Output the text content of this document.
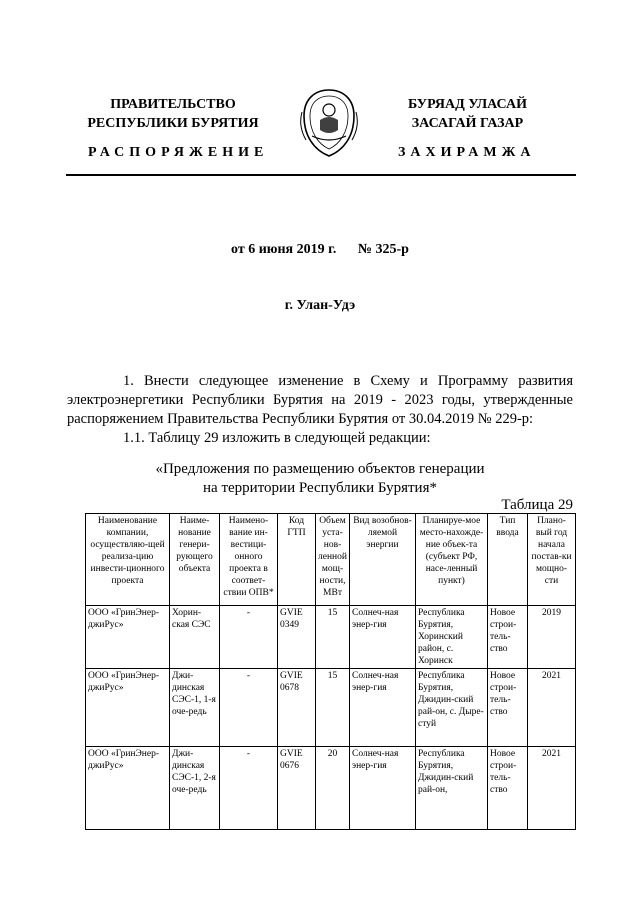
ПРАВИТЕЛЬСТВО
РЕСПУБЛИКИ БУРЯТИЯ
БУРЯАД УЛАСАЙ
ЗАСАГАЙ ГАЗАР
РАСПОРЯЖЕНИЕ	ЗАХИРАМЖА
от 6 июня 2019 г. № 325-р
г. Улан-Удэ
1. Внести следующее изменение в Схему и Программу развития электроэнергетики Республики Бурятия на 2019 - 2023 годы, утвержденные распоряжением Правительства Республики Бурятия от 30.04.2019 № 229-р:
1.1. Таблицу 29 изложить в следующей редакции:
«Предложения по размещению объектов генерации
на территории Республики Бурятия*
Таблица 29
Наименование компании, осуществляю-щей реализа-цию инвести-ционного проекта	Наиме-нование генери-рующего объекта	Наимено-вание ин-вестици-онного проекта в соответ-ствии ОПВ*	Код ГТП	Объем уста-нов-ленной мощ-ности, МВт	Вид возобнов-ляемой энергии	Планируе-мое место-нахожде-ние объек-та (субъект РФ, насе-ленный пункт)	Тип ввода	Плано-вый год начала постав-ки мощно-сти
ООО «ГринЭнер-джиРус»	Хорин-ская СЭС	-	GVIE 0349	15	Солнеч-ная энер-гия	Республика Бурятия, Хоринский район, с. Хоринск	Новое строи-тель-ство	2019
ООО «ГринЭнер-джиРус»	Джи-динская СЭС-1, 1-я оче-редь	-	GVIE 0678	15	Солнеч-ная энер-гия	Республика Бурятия, Джидин-ский рай-он, с. Дыре-стуй	Новое строи-тель-ство	2021
ООО «ГринЭнер-джиРус»	Джи-динская СЭС-1, 2-я оче-редь	-	GVIE 0676	20	Солнеч-ная энер-гия	Республика Бурятия, Джидин-ский рай-он,	Новое строи-тель-ство	2021
